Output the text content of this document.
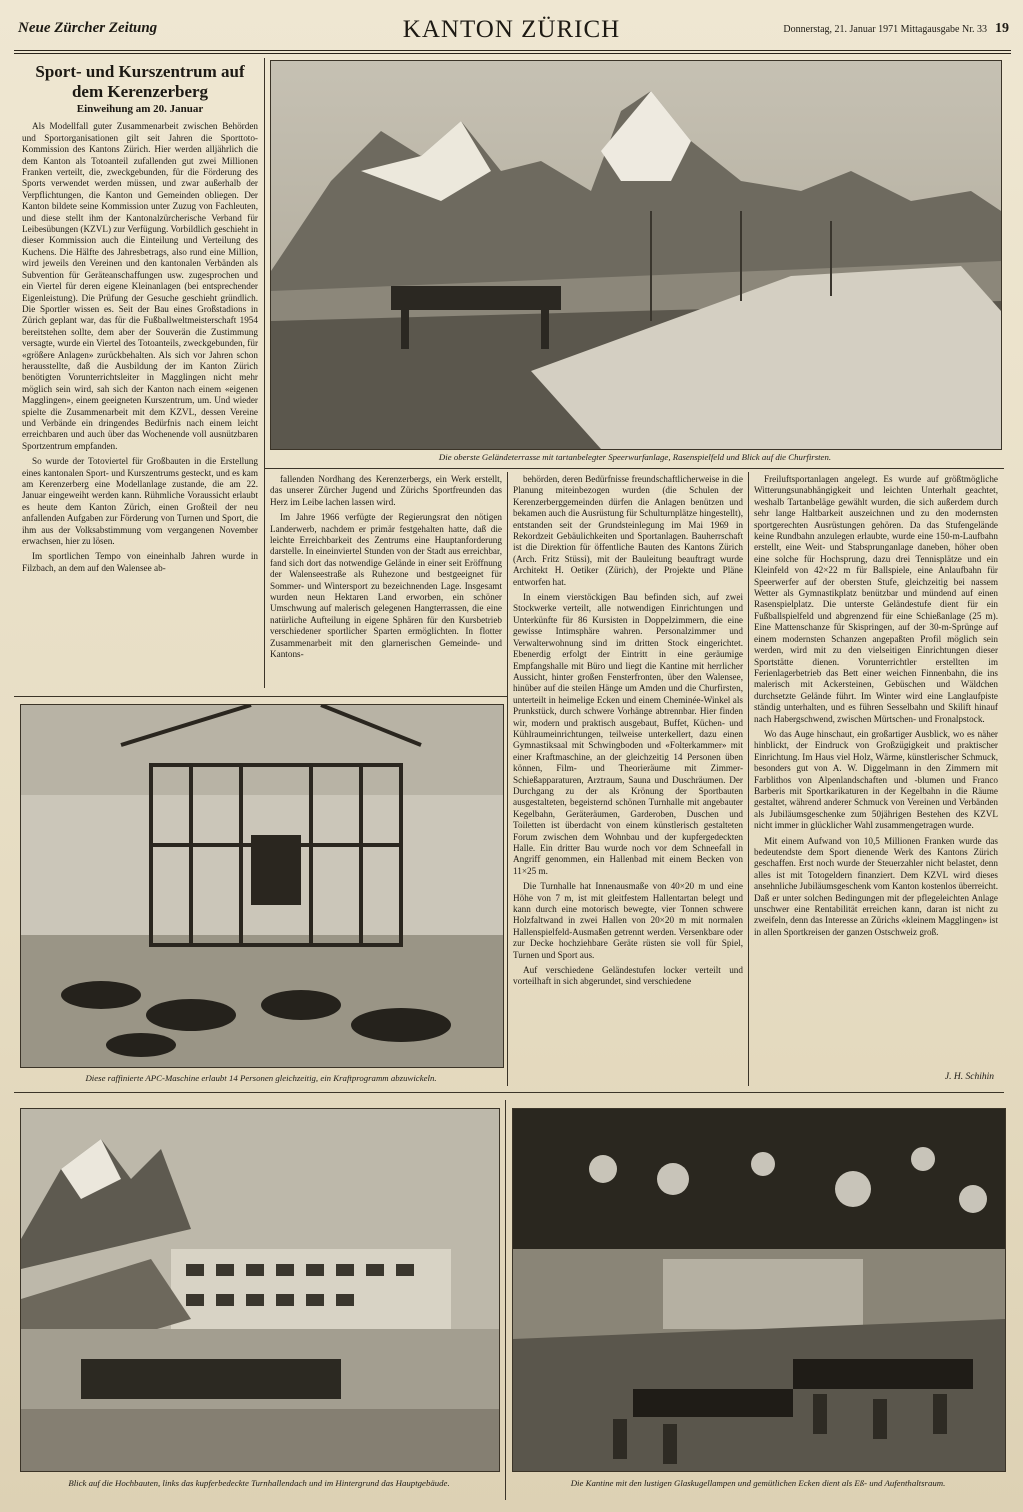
Neue Zürcher Zeitung	KANTON ZÜRICH	Donnerstag, 21. Januar 1971 Mittagausgabe Nr. 33 19
Sport- und Kurszentrum auf dem Kerenzerberg
Einweihung am 20. Januar

Als Modellfall guter Zusammenarbeit zwischen Behörden und Sportorganisationen gilt seit Jahren die Sporttoto-Kommission des Kantons Zürich. Hier werden alljährlich die dem Kanton als Totoanteil zufallenden gut zwei Millionen Franken verteilt, die, zweckgebunden, für die Förderung des Sports verwendet werden müssen, und zwar außerhalb der Verpflichtungen, die Kanton und Gemeinden obliegen. Der Kanton bildete seine Kommission unter Zuzug von Fachleuten, und diese stellt ihm der Kantonalzürcherische Verband für Leibesübungen (KZVL) zur Verfügung. Vorbildlich geschieht in dieser Kommission auch die Einteilung und Verteilung des Kuchens. Die Hälfte des Jahresbetrags, also rund eine Million, wird jeweils den Vereinen und den kantonalen Verbänden als Subvention für Geräteanschaffungen usw. zugesprochen und ein Viertel für deren eigene Kleinanlagen (bei entsprechender Eigenleistung). Die Prüfung der Gesuche geschieht gründlich. Die Sportler wissen es. Seit der Bau eines Großstadions in Zürich geplant war, das für die Fußballweltmeisterschaft 1954 bereitstehen sollte, dem aber der Souverän die Zustimmung versagte, wurde ein Viertel des Totoanteils, zweckgebunden, für «größere Anlagen» zurückbehalten. Als sich vor Jahren schon herausstellte, daß die Ausbildung der im Kanton Zürich benötigten Vorunterrichtsleiter in Magglingen nicht mehr möglich sein wird, sah sich der Kanton nach einem «eigenen Magglingen», einem geeigneten Kurszentrum, um. Und wieder spielte die Zusammenarbeit mit dem KZVL, dessen Vereine und Verbände ein dringendes Bedürfnis nach einem leicht erreichbaren und auch über das Wochenende voll ausnützbaren Sportzentrum empfanden.

So wurde der Totoviertel für Großbauten in die Erstellung eines kantonalen Sport- und Kurszentrums gesteckt, und es kam am Kerenzerberg eine Modellanlage zustande, die am 22. Januar eingeweiht werden kann. Rühmliche Voraussicht erlaubt es heute dem Kanton Zürich, einen Großteil der neu anfallenden Aufgaben zur Förderung von Turnen und Sport, die ihm aus der Volksabstimmung vom vergangenen November erwachsen, hier zu lösen.

Im sportlichen Tempo von eineinhalb Jahren wurde in Filzbach, an dem auf den Walensee ab-

Die oberste Geländeterrasse mit tartanbelegter Speerwurfanlage, Rasenspielfeld und Blick auf die Churfirsten.

fallenden Nordhang des Kerenzerbergs, ein Werk erstellt, das unserer Zürcher Jugend und Zürichs Sportfreunden das Herz im Leibe lachen lassen wird.

Im Jahre 1966 verfügte der Regierungsrat den nötigen Landerwerb, nachdem er primär festgehalten hatte, daß die leichte Erreichbarkeit des Zentrums eine Hauptanforderung darstelle. In eineinviertel Stunden von der Stadt aus erreichbar, fand sich dort das notwendige Gelände in einer seit Eröffnung der Walenseestraße als Ruhezone und bestgeeignet für Sommer- und Wintersport zu bezeichnenden Lage. Insgesamt wurden neun Hektaren Land erworben, ein schöner Umschwung auf malerisch gelegenen Hangterrassen, die eine natürliche Aufteilung in eigene Sphären für den Kursbetrieb verschiedener sportlicher Sparten ermöglichten. In flotter Zusammenarbeit mit den glarnerischen Gemeinde- und Kantons-

behörden, deren Bedürfnisse freundschaftlicherweise in die Planung miteinbezogen wurden (die Schulen der Kerenzerberggemeinden dürfen die Anlagen benützen und bekamen auch die Ausrüstung für Schulturnplätze hingestellt), entstanden seit der Grundsteinlegung im Mai 1969 in Rekordzeit Gebäulichkeiten und Sportanlagen. Bauherrschaft ist die Direktion für öffentliche Bauten des Kantons Zürich (Arch. Fritz Stüssi), mit der Bauleitung beauftragt wurde Architekt H. Oetiker (Zürich), der Projekte und Pläne entworfen hat.

In einem vierstöckigen Bau befinden sich, auf zwei Stockwerke verteilt, alle notwendigen Einrichtungen und Unterkünfte für 86 Kursisten in Doppelzimmern, die eine gewisse Intimsphäre wahren. Personalzimmer und Verwalterwohnung sind im dritten Stock eingerichtet. Ebenerdig erfolgt der Eintritt in eine geräumige Empfangshalle mit Büro und liegt die Kantine mit herrlicher Aussicht, hinter großen Fensterfronten, über den Walensee, hinüber auf die steilen Hänge um Amden und die Churfirsten, unterteilt in heimelige Ecken und einem Cheminée-Winkel als Prunkstück, durch schwere Vorhänge abtrennbar. Hier finden wir, modern und praktisch ausgebaut, Buffet, Küchen- und Kühlraumeinrichtungen, teilweise unterkellert, dazu einen Gymnastiksaal mit Schwingboden und «Folterkammer» mit einer Kraftmaschine, an der gleichzeitig 14 Personen üben können, Film- und Theorieräume mit Zimmer-Schießapparaturen, Arztraum, Sauna und Duschräumen. Der Durchgang zu der als Krönung der Sportbauten ausgestalteten, begeisternd schönen Turnhalle mit angebauter Kegelbahn, Geräteräumen, Garderoben, Duschen und Toiletten ist überdacht von einem künstlerisch gestalteten Forum zwischen dem Wohnbau und der kupfergedeckten Halle. Ein dritter Bau wurde noch vor dem Schneefall in Angriff genommen, ein Hallenbad mit einem Becken von 11×25 m.

Die Turnhalle hat Innenausmaße von 40×20 m und eine Höhe von 7 m, ist mit gleitfestem Hallentartan belegt und kann durch eine motorisch bewegte, vier Tonnen schwere Holzfaltwand in zwei Hallen von 20×20 m mit normalen Hallenspielfeld-Ausmaßen getrennt werden. Versenkbare oder zur Decke hochziehbare Geräte rüsten sie voll für Spiel, Turnen und Sport aus.

Auf verschiedene Geländestufen locker verteilt und vorteilhaft in sich abgerundet, sind verschiedene

Freiluftsportanlagen angelegt. Es wurde auf größtmögliche Witterungsunabhängigkeit und leichten Unterhalt geachtet, weshalb Tartanbeläge gewählt wurden, die sich außerdem durch sehr lange Haltbarkeit auszeichnen und zu den modernsten sportgerechten Ausrüstungen gehören. Da das Stufengelände keine Rundbahn anzulegen erlaubte, wurde eine 150-m-Laufbahn erstellt, eine Weit- und Stabsprunganlage daneben, höher oben eine solche für Hochsprung, dazu drei Tennisplätze und ein Kleinfeld von 42×22 m für Ballspiele, eine Anlaufbahn für Speerwerfer auf der obersten Stufe, gleichzeitig bei nassem Wetter als Gymnastikplatz benützbar und mündend auf einen Rasenspielplatz. Die unterste Geländestufe dient für ein Fußballspielfeld und abgrenzend für eine Schießanlage (25 m). Eine Mattenschanze für Skispringen, auf der 30-m-Sprünge auf einem modernsten Schanzen angepaßten Profil möglich sein werden, wird mit zu den vielseitigen Einrichtungen dieser Sportstätte dienen. Vorunterrichtler erstellten im Ferienlagerbetrieb das Bett einer weichen Finnenbahn, die ins malerisch mit Ackersteinen, Gebüschen und Wäldchen durchsetzte Gelände führt. Im Winter wird eine Langlaufpiste ständig unterhalten, und es führen Sesselbahn und Skilift hinauf nach Habergschwend, zwischen Mürtschen- und Fronalpstock.

Wo das Auge hinschaut, ein großartiger Ausblick, wo es näher hinblickt, der Eindruck von Großzügigkeit und praktischer Einrichtung. Im Haus viel Holz, Wärme, künstlerischer Schmuck, besonders gut von A. W. Diggelmann in den Zimmern mit Farblithos von Alpenlandschaften und -blumen und Franco Barberis mit Sportkarikaturen in der Kegelbahn in die Räume gestaltet, während anderer Schmuck von Vereinen und Verbänden als Jubiläumsgeschenke zum 50jährigen Bestehen des KZVL nicht immer in glücklicher Wahl zusammengetragen wurde.

Mit einem Aufwand von 10,5 Millionen Franken wurde das bedeutendste dem Sport dienende Werk des Kantons Zürich geschaffen. Erst noch wurde der Steuerzahler nicht belastet, denn alles ist mit Totogeldern finanziert. Dem KZVL wird dieses ansehnliche Jubiläumsgeschenk vom Kanton kostenlos überreicht. Daß er unter solchen Bedingungen mit der pflegeleichten Anlage unschwer eine Rentabilität erreichen kann, daran ist nicht zu zweifeln, denn das Interesse an Zürichs «kleinem Magglingen» ist in allen Sportkreisen der ganzen Ostschweiz groß.

J. H. Schihin
Diese raffinierte APC-Maschine erlaubt 14 Personen gleichzeitig, ein Kraftprogramm abzuwickeln.
Blick auf die Hochbauten, links das kupferbedeckte Turnhallendach und im Hintergrund das Hauptgebäude.	Die Kantine mit den lustigen Glaskugellampen und gemütlichen Ecken dient als Eß- und Aufenthaltsraum.
